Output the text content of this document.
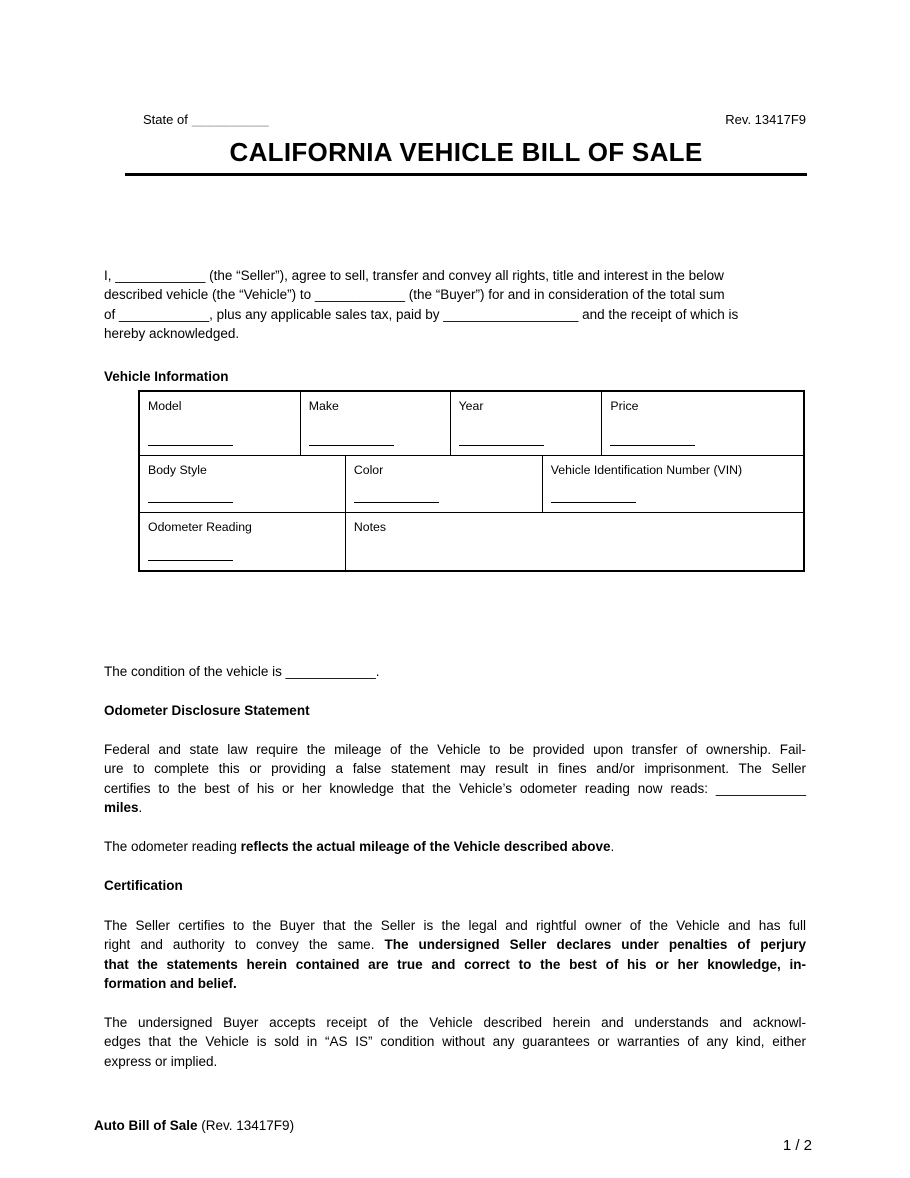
State of __________	Rev. 13417F9
CALIFORNIA VEHICLE BILL OF SALE
I, ____________ (the “Seller”), agree to sell, transfer and convey all rights, title and interest in the below
described vehicle (the “Vehicle”) to ____________ (the “Buyer”) for and in consideration of the total sum
of ____________, plus any applicable sales tax, paid by __________________ and the receipt of which is
hereby acknowledged.
Vehicle Information
Model	Make	Year	Price
Body Style	Color	Vehicle Identification Number (VIN)
Odometer Reading	Notes
The condition of the vehicle is ____________.
Odometer Disclosure Statement
Federal and state law require the mileage of the Vehicle to be provided upon transfer of ownership. Fail-
ure to complete this or providing a false statement may result in fines and/or imprisonment. The Seller
certifies to the best of his or her knowledge that the Vehicle’s odometer reading now reads: ____________
miles.
The odometer reading reflects the actual mileage of the Vehicle described above.
Certification
The Seller certifies to the Buyer that the Seller is the legal and rightful owner of the Vehicle and has full
right and authority to convey the same. The undersigned Seller declares under penalties of perjury
that the statements herein contained are true and correct to the best of his or her knowledge, in-
formation and belief.
The undersigned Buyer accepts receipt of the Vehicle described herein and understands and acknowl-
edges that the Vehicle is sold in “AS IS” condition without any guarantees or warranties of any kind, either
express or implied.
Auto Bill of Sale (Rev. 13417F9)
1 / 2
